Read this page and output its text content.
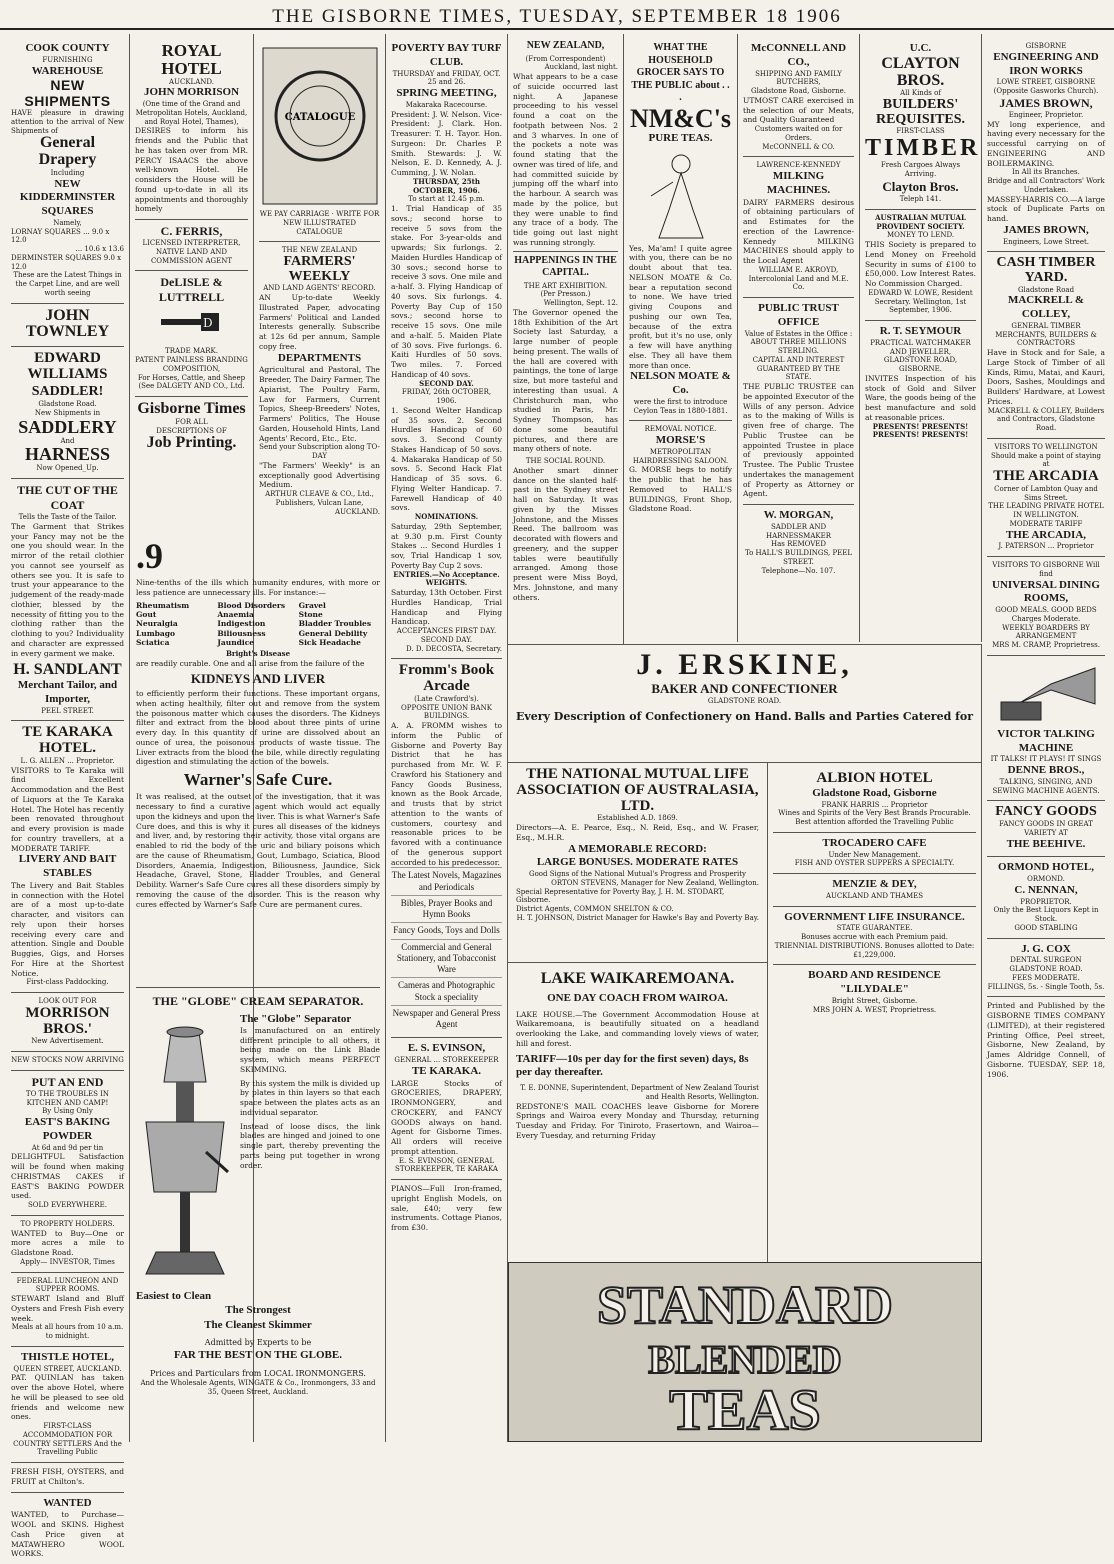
THE GISBORNE TIMES, TUESDAY, SEPTEMBER 18 1906
COOK COUNTY
FURNISHING
WAREHOUSE
NEW SHIPMENTS
HAVE pleasure in drawing attention to the arrival of New Shipments of
General Drapery
Including
NEW KIDDERMINSTER SQUARES
Namely,
LORNAY SQUARES ... 9.0 x 12.0
... 10.6 x 13.6
DERMINSTER SQUARES 9.0 x 12.0
These are the Latest Things in the Carpet Line, and are well worth seeing
JOHN TOWNLEY
EDWARD WILLIAMS
SADDLER!
Gladstone Road.
New Shipments in
SADDLERY
And
HARNESS
Now Opened_Up.
THE CUT OF THE COAT
Tells the Taste of the Tailor.
The Garment that Strikes your Fancy may not be the one you should wear. In the mirror of the retail clothier you cannot see yourself as others see you. It is safe to trust your appearance to the judgement of the ready-made clothier, blessed by the necessity of fitting you to the clothing rather than the clothing to you? Individuality and character are expressed in every garment we make.
H. SANDLANT
Merchant Tailor, and Importer,
PEEL STREET.
TE KARAKA HOTEL.
L. G. ALLEN ... Proprietor.
VISITORS to Te Karaka will find Excellent Accommodation and the Best of Liquors at the Te Karaka Hotel. The Hotel has recently been renovated throughout and every provision is made for country travellers, at a MODERATE TARIFF.
LIVERY AND BAIT STABLES
The Livery and Bait Stables in connection with the Hotel are of a most up-to-date character, and visitors can rely upon their horses receiving every care and attention. Single and Double Buggies, Gigs, and Horses For Hire at the Shortest Notice.
First-class Paddocking.
LOOK OUT FOR
MORRISON BROS.'
New Advertisement.
NEW STOCKS NOW ARRIVING
PUT AN END
TO THE TROUBLES IN KITCHEN AND CAMP!
By Using Only
EAST'S BAKING POWDER
At 6d and 9d per tin
DELIGHTFUL Satisfaction will be found when making CHRISTMAS CAKES if EAST'S BAKING POWDER used.
SOLD EVERYWHERE.
TO PROPERTY HOLDERS.
WANTED to Buy—One or more acres a mile to Gladstone Road.
Apply— INVESTOR, Times
FEDERAL LUNCHEON AND SUPPER ROOMS.
STEWART Island and Bluff Oysters and Fresh Fish every week.
Meals at all hours from 10 a.m. to midnight.
THISTLE HOTEL,
QUEEN STREET, AUCKLAND.
PAT. QUINLAN has taken over the above Hotel, where he will be pleased to see old friends and welcome new ones.
FIRST-CLASS ACCOMMODATION FOR COUNTRY SETTLERS And the Travelling Public
FRESH FISH, OYSTERS, and FRUIT at Chilton's.
WANTED
WANTED, to Purchase—WOOL and SKINS. Highest Cash Price given at MATAWHERO WOOL WORKS.
ROYAL HOTEL
AUCKLAND.
JOHN MORRISON
(One time of the Grand and Metropolitan Hotels, Auckland, and Royal Hotel, Thames),
DESIRES to inform his friends and the Public that he has taken over from MR. PERCY ISAACS the above well-known Hotel. He considers the House will be found up-to-date in all its appointments and thoroughly homely
C. FERRIS,
LICENSED INTERPRETER, NATIVE LAND AND COMMISSION AGENT
DeLISLE & LUTTRELL
D
TRADE MARK.
PATENT PAINLESS BRANDING COMPOSITION,
For Horses, Cattle, and Sheep (See DALGETY AND CO., Ltd.
Gisborne Times
FOR ALL
DESCRIPTIONS OF
Job Printing.
CATALOGUE
WE PAY CARRIAGE · WRITE FOR NEW ILLUSTRATED CATALOGUE
THE NEW ZEALAND
FARMERS' WEEKLY
AND LAND AGENTS' RECORD.
AN Up-to-date Weekly Illustrated Paper, advocating Farmers' Political and Landed Interests generally. Subscribe at 12s 6d per annum, Sample copy free.
DEPARTMENTS
Agricultural and Pastoral, The Breeder, The Dairy Farmer, The Apiarist, The Poultry Farm, Law for Farmers, Current Topics, Sheep-Breeders' Notes, Farmers' Politics, The House Garden, Household Hints, Land Agents' Record, Etc., Etc.
Send your Subscription along TO-DAY
"The Farmers' Weekly" is an exceptionally good Advertising Medium.
ARTHUR CLEAVE & CO., Ltd., Publishers, Vulcan Lane,
AUCKLAND.
.9
Nine-tenths of the ills which humanity endures, with more or less patience are unnecessary ills. For instance:—
Rheumatism	Blood Disorders	Gravel
Gout	Anaemia	Stone
Neuralgia	Indigestion	Bladder Troubles
Lumbago	Biliousness	General Debility
Sciatica	Jaundice	Sick Headache
Bright's Disease
are readily curable. One and all arise from the failure of the
KIDNEYS AND LIVER
to efficiently perform their functions. These important organs, when acting healthily, filter out and remove from the system the poisonous matter which causes the disorders. The Kidneys filter and extract from the blood about three pints of urine every day. In this quantity of urine are dissolved about an ounce of urea, the poisonous products of waste tissue. The Liver extracts from the blood the bile, while directly regulating digestion and stimulating the action of the bowels.
Warner's Safe Cure.
It was realised, at the outset of the investigation, that it was necessary to find a curative agent which would act equally upon the kidneys and upon the liver. This is what Warner's Safe Cure does, and this is why it cures all diseases of the kidneys and liver, and, by restoring their activity, those vital organs are enabled to rid the body of the uric and biliary poisons which are the cause of Rheumatism, Gout, Lumbago, Sciatica, Blood Disorders, Anaemia, Indigestion, Biliousness, Jaundice, Sick Headache, Gravel, Stone, Bladder Troubles, and General Debility. Warner's Safe Cure cures all these disorders simply by removing the cause of the disorder. This is the reason why cures effected by Warner's Safe Cure are permanent cures.
THE "GLOBE" CREAM SEPARATOR.
The "Globe" Separator
Is manufactured on an entirely different principle to all others, it being made on the Link Blade system, which means PERFECT SKIMMING.
By this system the milk is divided up by plates in thin layers so that each space between the plates acts as an individual separator.
Instead of loose discs, the link blades are hinged and joined to one single part, thereby preventing the parts being put together in wrong order.
Easiest to Clean
The Strongest
The Cleanest Skimmer
Admitted by Experts to be
FAR THE BEST ON THE GLOBE.
Prices and Particulars from LOCAL IRONMONGERS.
And the Wholesale Agents, WINGATE & Co., Ironmongers, 33 and 35, Queen Street, Auckland.
POVERTY BAY TURF CLUB.
THURSDAY and FRIDAY, OCT. 25 and 26.
SPRING MEETING,
Makaraka Racecourse.
President: J. W. Nelson. Vice-President: J. Clark. Hon. Treasurer: T. H. Tayor. Hon. Surgeon: Dr. Charles P. Smith. Stewards: J. W. Nelson, E. D. Kennedy, A. J. Cumming, J. W. Nolan.
THURSDAY, 25th OCTOBER, 1906.
To start at 12.45 p.m.
1. Trial Handicap of 35 sovs.; second horse to receive 5 sovs from the stake. For 3-year-olds and upwards; Six furlongs. 2. Maiden Hurdles Handicap of 30 sovs.; second horse to receive 3 sovs. One mile and a-half. 3. Flying Handicap of 40 sovs. Six furlongs. 4. Poverty Bay Cup of 150 sovs.; second horse to receive 15 sovs. One mile and a-half. 5. Maiden Plate of 30 sovs. Five furlongs. 6. Kaiti Hurdles of 50 sovs. Two miles. 7. Forced Handicap of 40 sovs.
SECOND DAY.
FRIDAY, 26th OCTOBER, 1906.
1. Second Welter Handicap of 35 sovs. 2. Second Hurdles Handicap of 60 sovs. 3. Second County Stakes Handicap of 50 sovs. 4. Makaraka Handicap of 50 sovs. 5. Second Hack Flat Handicap of 35 sovs. 6. Flying Welter Handicap. 7. Farewell Handicap of 40 sovs.
NOMINATIONS.
Saturday, 29th September, at 9.30 p.m. First County Stakes ... Second Hurdles 1 sov, Trial Handicap 1 sov, Poverty Bay Cup 2 sovs.
ENTRIES.—No Acceptance.
WEIGHTS.
Saturday, 13th October. First Hurdles Handicap, Trial Handicap and Flying Handicap.
ACCEPTANCES FIRST DAY.
SECOND DAY.
D. D. DECOSTA, Secretary.
Fromm's Book Arcade
(Late Crawford's).
OPPOSITE UNION BANK BUILDINGS.
A. A. FROMM wishes to inform the Public of Gisborne and Poverty Bay District that he has purchased from Mr. W. F. Crawford his Stationery and Fancy Goods Business, known as the Book Arcade, and trusts that by strict attention to the wants of customers, courtesy and reasonable prices to be favored with a continuance of the generous support accorded to his predecessor.
The Latest Novels, Magazines and Periodicals
Bibles, Prayer Books and Hymn Books
Fancy Goods, Toys and Dolls
Commercial and General Stationery, and Tobacconist Ware
Cameras and Photographic Stock a speciality
Newspaper and General Press Agent
E. S. EVINSON,
GENERAL ... STOREKEEPER
TE KARAKA.
LARGE Stocks of GROCERIES, DRAPERY, IRONMONGERY, and CROCKERY, and FANCY GOODS always on hand. Agent for Gisborne Times. All orders will receive prompt attention.
E. S. EVINSON, GENERAL STOREKEEPER, TE KARAKA
PIANOS—Full Iron-framed, upright English Models, on sale, £40; very few instruments. Cottage Pianos, from £30.
NEW ZEALAND,
(From Correspondent)
Auckland, last night.
What appears to be a case of suicide occurred last night. A Japanese proceeding to his vessel found a coat on the footpath between Nos. 2 and 3 wharves. In one of the pockets a note was found stating that the owner was tired of life, and had committed suicide by jumping off the wharf into the harbour. A search was made by the police, but they were unable to find any trace of a body. The tide going out last night was running strongly.
HAPPENINGS IN THE CAPITAL.
THE ART EXHIBITION.
(Per Presson.)
Wellington, Sept. 12.
The Governor opened the 18th Exhibition of the Art Society last Saturday, a large number of people being present. The walls of the hall are covered with paintings, the tone of large size, but more tasteful and interesting than usual. A Christchurch man, who studied in Paris, Mr. Sydney Thompson, has done some beautiful pictures, and there are many others of note.
THE SOCIAL ROUND.
Another smart dinner dance on the slanted half-past in the Sydney street hall on Saturday. It was given by the Misses Johnstone, and the Misses Reed. The ballroom was decorated with flowers and greenery, and the supper tables were beautifully arranged. Among those present were Miss Boyd, Mrs. Johnstone, and many others.
WHAT THE HOUSEHOLD GROCER SAYS TO THE PUBLIC about . . .
NM&C's
PURE TEAS.
Yes, Ma'am! I quite agree with you, there can be no doubt about that tea. NELSON MOATE & Co. bear a reputation second to none. We have tried giving Coupons and pushing our own Tea, because of the extra profit, but it's no use, only a few will have anything else. They all have them more than once.
NELSON MOATE & Co.
were the first to introduce Ceylon Teas in 1880-1881.
REMOVAL NOTICE.
MORSE'S
METROPOLITAN HAIRDRESSING SALOON.
G. MORSE begs to notify the public that he has Removed to HALL'S BUILDINGS, Front Shop, Gladstone Road.
McCONNELL AND CO.,
SHIPPING AND FAMILY BUTCHERS,
Gladstone Road, Gisborne.
UTMOST CARE exercised in the selection of our Meats, and Quality Guaranteed
Customers waited on for Orders.
McCONNELL & CO.
LAWRENCE-KENNEDY
MILKING MACHINES.
DAIRY FARMERS desirous of obtaining particulars of and Estimates for the erection of the Lawrence-Kennedy MILKING MACHINES should apply to the Local Agent
WILLIAM E. AKROYD, Intercolonial Land and M.E. Co.
PUBLIC TRUST OFFICE
Value of Estates in the Office : ABOUT THREE MILLIONS STERLING.
CAPITAL AND INTEREST GUARANTEED BY THE STATE.
THE PUBLIC TRUSTEE can be appointed Executor of the Wills of any person. Advice as to the making of Wills is given free of charge. The Public Trustee can be appointed Trustee in place of previously appointed Trustee. The Public Trustee undertakes the management of Property as Attorney or Agent.
W. MORGAN,
SADDLER AND HARNESSMAKER
Has REMOVED
To HALL'S BUILDINGS, PEEL STREET.
Telephone—No. 107.
U.C.
CLAYTON BROS.
All Kinds of
BUILDERS' REQUISITES.
FIRST-CLASS
TIMBER
Fresh Cargoes Always Arriving.
Clayton Bros.
Teleph 141.
AUSTRALIAN MUTUAL PROVIDENT SOCIETY.
MONEY TO LEND.
THIS Society is prepared to Lend Money on Freehold Security in sums of £100 to £50,000. Low Interest Rates. No Commission Charged.
EDWARD W. LOWE, Resident Secretary. Wellington, 1st September, 1906.
R. T. SEYMOUR
PRACTICAL WATCHMAKER AND JEWELLER,
GLADSTONE ROAD, GISBORNE.
INVITES Inspection of his stock of Gold and Silver Ware, the goods being of the best manufacture and sold at reasonable prices.
PRESENTS! PRESENTS! PRESENTS! PRESENTS!
GISBORNE
ENGINEERING AND IRON WORKS
LOWE STREET, GISBORNE (Opposite Gasworks Church).
JAMES BROWN,
Engineer, Proprietor.
MY long experience, and having every necessary for the successful carrying on of ENGINEERING AND BOILERMAKING.
In All its Branches.
Bridge and all Contractors' Work Undertaken.
MASSEY-HARRIS CO.—A large stock of Duplicate Parts on hand.
JAMES BROWN,
Engineers, Lowe Street.
CASH TIMBER YARD.
Gladstone Road
MACKRELL & COLLEY,
GENERAL TIMBER MERCHANTS, BUILDERS & CONTRACTORS
Have in Stock and for Sale, a Large Stock of Timber of all Kinds, Rimu, Matai, and Kauri, Doors, Sashes, Mouldings and Builders' Hardware, at Lowest Prices.
MACKRELL & COLLEY, Builders and Contractors, Gladstone Road.
VISITORS TO WELLINGTON
Should make a point of staying at
THE ARCADIA
Corner of Lambton Quay and Sims Street.
THE LEADING PRIVATE HOTEL IN WELLINGTON.
MODERATE TARIFF
THE ARCADIA,
J. PATERSON ... Proprietor
VISITORS TO GISBORNE Will find
UNIVERSAL DINING ROOMS,
GOOD MEALS. GOOD BEDS
Charges Moderate.
WEEKLY BOARDERS BY ARRANGEMENT
MRS M. CRAMP, Proprietress.
VICTOR TALKING MACHINE
IT TALKS! IT PLAYS! IT SINGS
DENNE BROS.,
TALKING, SINGING, AND SEWING MACHINE AGENTS.
FANCY GOODS
FANCY GOODS IN GREAT VARIETY AT
THE BEEHIVE.
ORMOND HOTEL,
ORMOND.
C. NENNAN,
PROPRIETOR.
Only the Best Liquors Kept in Stock.
GOOD STABLING
J. G. COX
DENTAL SURGEON
GLADSTONE ROAD.
FEES MODERATE.
FILLINGS, 5s. - Single Tooth, 5s.
Printed and Published by the GISBORNE TIMES COMPANY (LIMITED), at their registered Printing Office, Peel street, Gisborne, New Zealand, by James Aldridge Connell, of Gisborne. TUESDAY, SEP. 18, 1906.
J. ERSKINE,
BAKER AND CONFECTIONER
GLADSTONE ROAD.
Every Description of Confectionery on Hand. Balls and Parties Catered for
THE NATIONAL MUTUAL LIFE ASSOCIATION OF AUSTRALASIA, LTD.
Established A.D. 1869.
Directors—A. E. Pearce, Esq., N. Reid, Esq., and W. Fraser, Esq., M.H.R.
A MEMORABLE RECORD:
LARGE BONUSES. MODERATE RATES
Good Signs of the National Mutual's Progress and Prosperity
ORTON STEVENS, Manager for New Zealand, Wellington.
Special Representative for Poverty Bay, J. H. M. STODART, Gisborne.
District Agents, COMMON SHELTON & CO.
H. T. JOHNSON, District Manager for Hawke's Bay and Poverty Bay.
ALBION HOTEL
Gladstone Road, Gisborne
FRANK HARRIS ... Proprietor
Wines and Spirits of the Very Best Brands Procurable.
Best attention afforded the Travelling Public
TROCADERO CAFE
Under New Management.
FISH AND OYSTER SUPPERS A SPECIALTY.
MENZIE & DEY,
AUCKLAND AND THAMES
GOVERNMENT LIFE INSURANCE.
STATE GUARANTEE.
Bonuses accrue with each Premium paid.
TRIENNIAL DISTRIBUTIONS. Bonuses allotted to Date: £1,229,000.
BOARD AND RESIDENCE
"LILYDALE"
Bright Street, Gisborne.
MRS JOHN A. WEST, Proprietress.
LAKE WAIKAREMOANA.
ONE DAY COACH FROM WAIROA.
LAKE HOUSE.—The Government Accommodation House at Waikaremoana, is beautifully situated on a headland overlooking the Lake, and commanding lovely views of water, hill and forest.
TARIFF—10s per day for the first seven) days, 8s per day thereafter.
T. E. DONNE, Superintendent, Department of New Zealand Tourist and Health Resorts, Wellington.
REDSTONE'S MAIL COACHES leave Gisborne for Morere Springs and Wairoa every Monday and Thursday, returning Tuesday and Friday. For Tiniroto, Frasertown, and Wairoa—Every Tuesday, and returning Friday
STANDARD
BLENDED
TEAS
